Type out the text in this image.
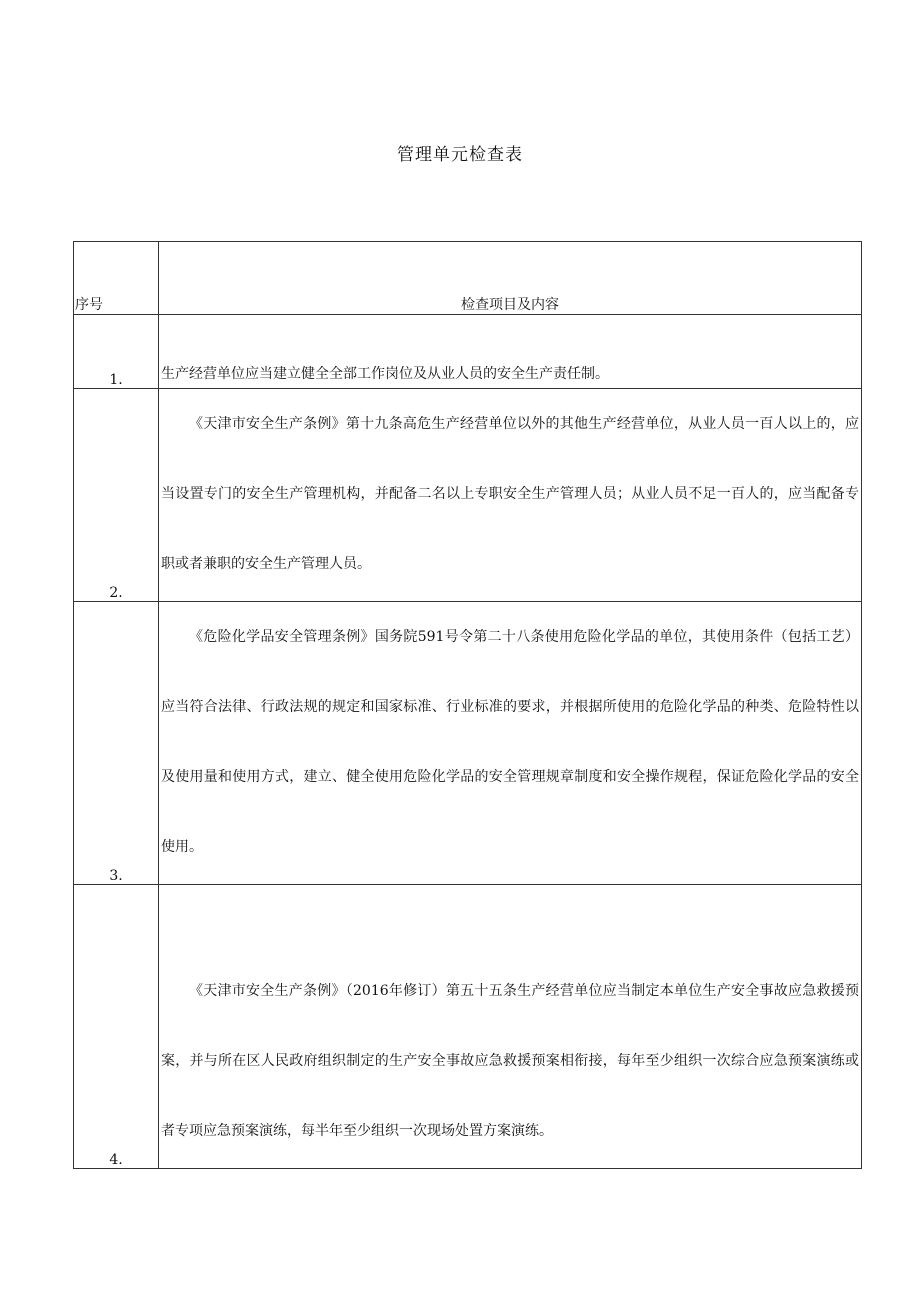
管理单元检查表
序号	检查项目及内容
1.	生产经营单位应当建立健全全部工作岗位及从业人员的安全生产责任制。

2.	《天津市安全生产条例》第十九条高危生产经营单位以外的其他生产经营单位，从业人员一百人以上的，应当设置专门的安全生产管理机构，并配备二名以上专职安全生产管理人员；从业人员不足一百人的，应当配备专职或者兼职的安全生产管理人员。

3.	《危险化学品安全管理条例》国务院591号令第二十八条使用危险化学品的单位，其使用条件（包括工艺）应当符合法律、行政法规的规定和国家标准、行业标准的要求，并根据所使用的危险化学品的种类、危险特性以及使用量和使用方式，建立、健全使用危险化学品的安全管理规章制度和安全操作规程，保证危险化学品的安全使用。

4.	《天津市安全生产条例》（2016年修订）第五十五条生产经营单位应当制定本单位生产安全事故应急救援预案，并与所在区人民政府组织制定的生产安全事故应急救援预案相衔接，每年至少组织一次综合应急预案演练或者专项应急预案演练，每半年至少组织一次现场处置方案演练。
